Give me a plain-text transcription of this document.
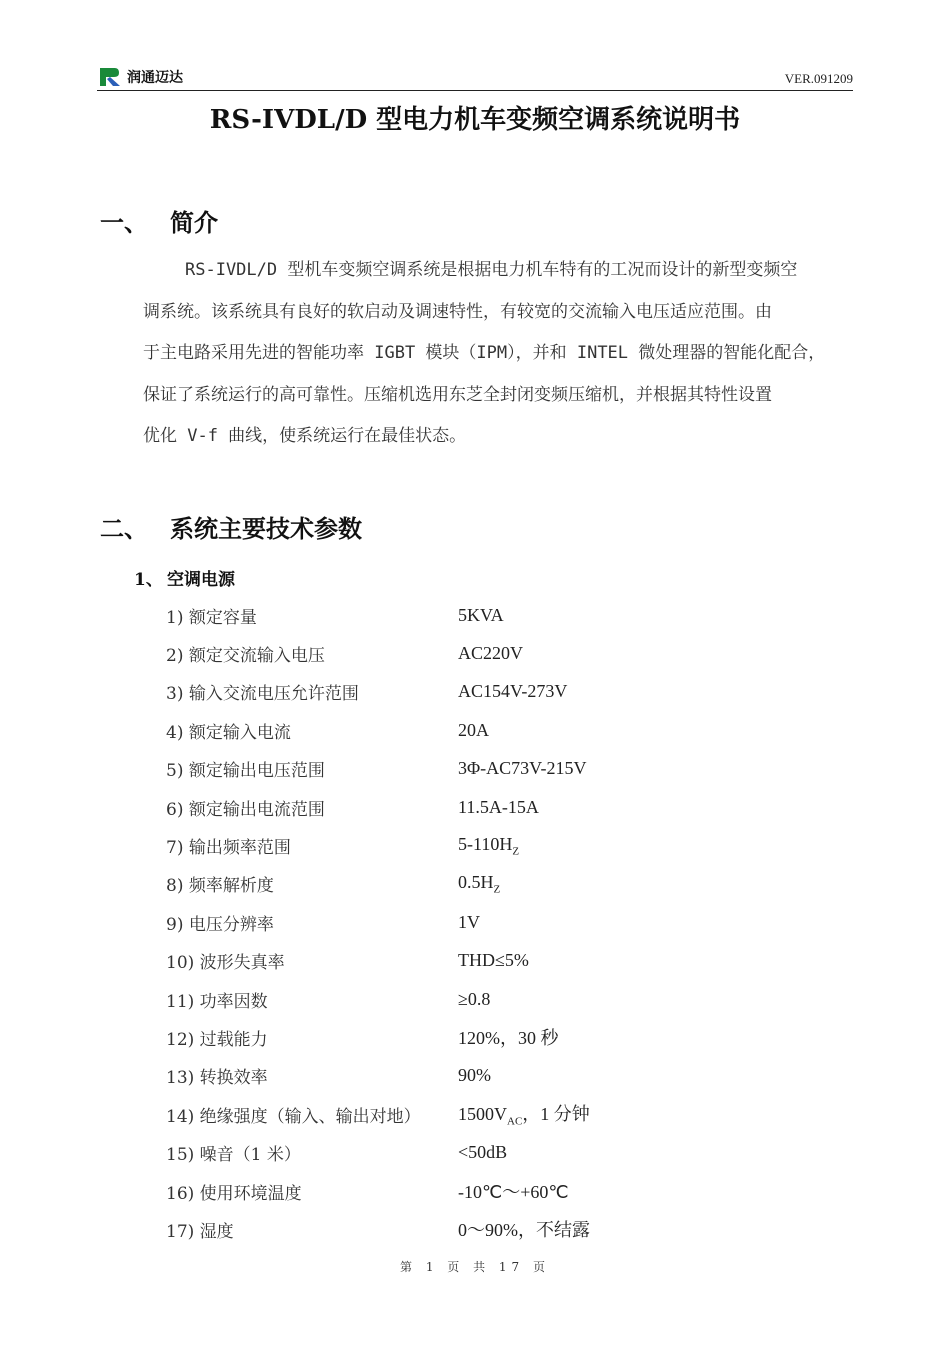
润通迈达	VER.091209
RS-IVDL/D 型电力机车变频空调系统说明书
一、 简介
RS-IVDL/D 型机车变频空调系统是根据电力机车特有的工况而设计的新型变频空
调系统。该系统具有良好的软启动及调速特性，有较宽的交流输入电压适应范围。由
于主电路采用先进的智能功率 IGBT 模块（IPM），并和 INTEL 微处理器的智能化配合，
保证了系统运行的高可靠性。压缩机选用东芝全封闭变频压缩机，并根据其特性设置
优化 V-f 曲线，使系统运行在最佳状态。
二、 系统主要技术参数
1、 空调电源
1) 额定容量	5KVA
2) 额定交流输入电压	AC220V
3) 输入交流电压允许范围	AC154V-273V
4) 额定输入电流	20A
5) 额定输出电压范围	3Φ-AC73V-215V
6) 额定输出电流范围	11.5A-15A
7) 输出频率范围	$5-110H_Z$
8) 频率解析度	$0.5H_Z$
9) 电压分辨率	1V
10) 波形失真率	THD≤5%
11) 功率因数	≥0.8
12) 过载能力	120%，30 秒
13) 转换效率	90%
14) 绝缘强度（输入、输出对地）	$1500V_{AC}$，1 分钟
15) 噪音（1 米）	<50dB
16) 使用环境温度	-10℃～+60℃
17) 湿度	0～90%，不结露
第 1 页 共 17 页
